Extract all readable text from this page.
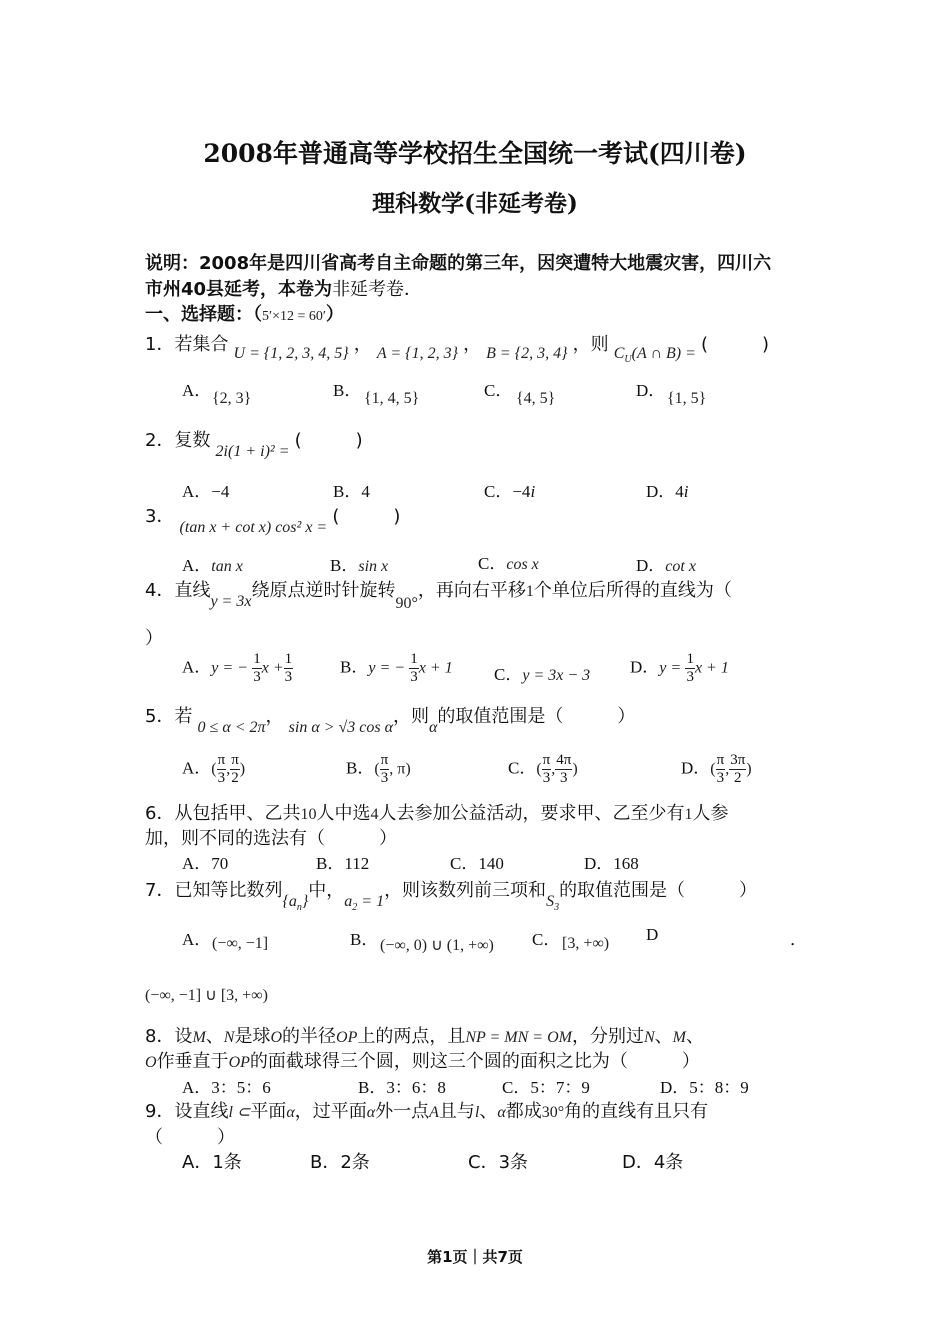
2008年普通高等学校招生全国统一考试(四川卷)
理科数学(非延考卷)
说明：2008年是四川省高考自主命题的第三年，因突遭特大地震灾害，四川六
市州40县延考，本卷为非延考卷．
一、选择题：（5′×12 = 60′）
1．若集合 U = {1, 2, 3, 4, 5} ， A = {1, 2, 3} ， B = {2, 3, 4} ，则 $C_U(A$ ∩ B) = (　　　)
A． {2, 3}	B． {1, 4, 5}	C． {4, 5}	D． {1, 5}
2．复数 2i(1 + i)² = (　　　)
A．−4	B．4	C．−4i	D．4i
3． (tan x + cot x) cos² x = (　　　)
A．tan x	B．sin x	C．cos x	D．cot x
4．直线y = 3x绕原点逆时针旋转90°，再向右平移1个单位后所得的直线为（
）
A．y = − $\frac{1}{3}$ $x + \frac{1}{3}$	B．y = − $\frac{1}{3}$ x + 1 C．y = 3x − 3 D．$y = \frac{1}{3}$ x + 1
5．若 0 ≤ α < 2π， sin α > √3 cos α，则α的取值范围是（　　　）
A．( $\frac{\pi}{3}$ , $\frac{\pi}{2}$ )	B．( $\frac{\pi}{3}$ , π)	C．( $\frac{\pi}{3}$ , $\frac{4\pi}{3}$ )	D．( $\frac{\pi}{3}$ , $\frac{3\pi}{2}$ )
6．从包括甲、乙共10人中选4人去参加公益活动，要求甲、乙至少有1人参
加，则不同的选法有（　　　）
A．70	B．112	C．140	D．168
7．已知等比数列$\{a_n\}$中，$a_2 = 1$，则该数列前三项和$S_3$的取值范围是（　　　）
A． (−∞, −1]	B． (−∞, 0) ∪ (1, +∞) C． [3, +∞) D	．
(−∞, −1] ∪ [3, +∞)
8．设M、N是球O的半径OP上的两点，且NP = MN = OM，分别过N、M、
O作垂直于OP的面截球得三个圆，则这三个圆的面积之比为（　　　）
A．3：5：6	B．3：6：8	C．5：7：9	D．5：8：9
9．设直线l ⊂平面α，过平面α外一点A且与l、α都成30°角的直线有且只有
（　　　）
A．1条	B．2条	C．3条	D．4条
第1页｜共7页
